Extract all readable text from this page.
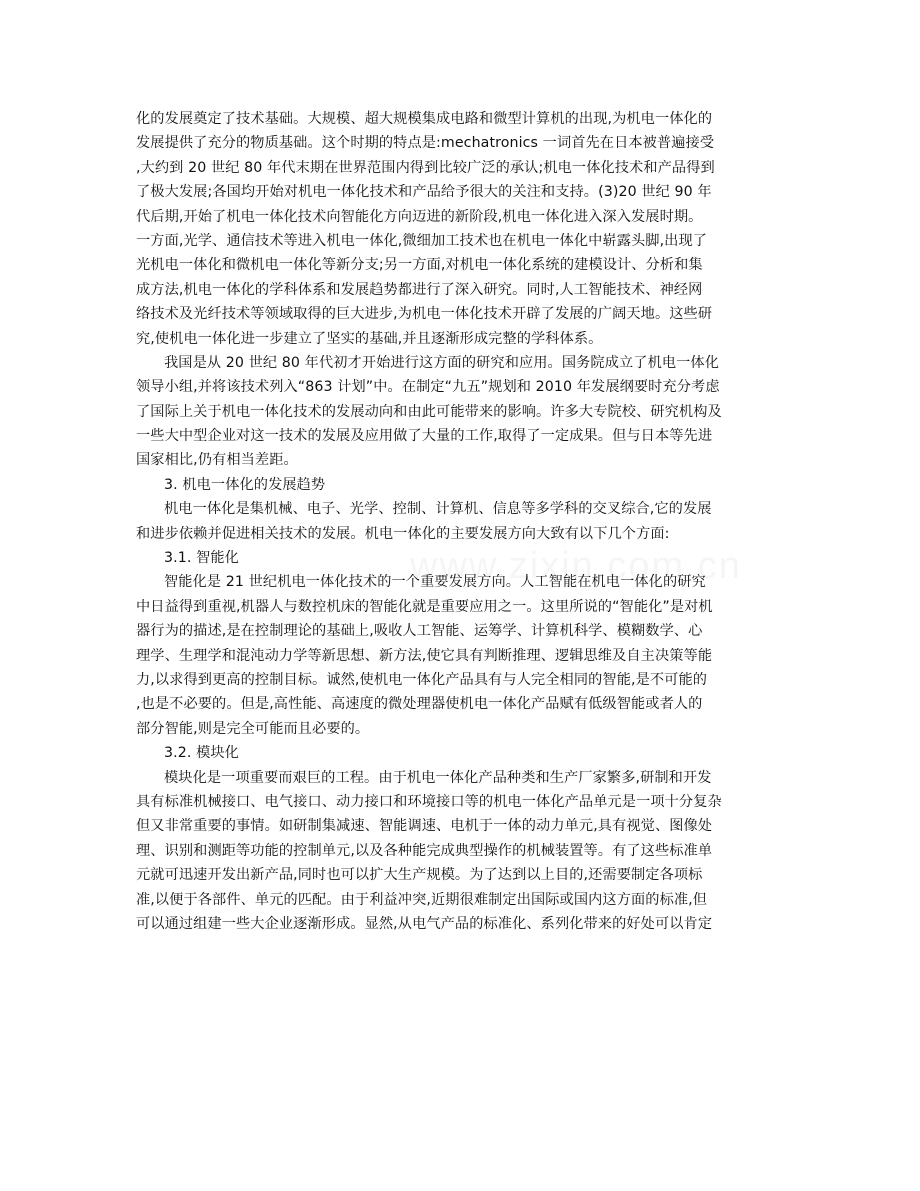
化的发展奠定了技术基础。大规模、超大规模集成电路和微型计算机的出现,为机电一体化的
发展提供了充分的物质基础。这个时期的特点是:mechatronics 一词首先在日本被普遍接受
,大约到 20 世纪 80 年代末期在世界范围内得到比较广泛的承认;机电一体化技术和产品得到
了极大发展;各国均开始对机电一体化技术和产品给予很大的关注和支持。(3)20 世纪 90 年
代后期,开始了机电一体化技术向智能化方向迈进的新阶段,机电一体化进入深入发展时期。
一方面,光学、通信技术等进入机电一体化,微细加工技术也在机电一体化中崭露头脚,出现了
光机电一体化和微机电一体化等新分支;另一方面,对机电一体化系统的建模设计、分析和集
成方法,机电一体化的学科体系和发展趋势都进行了深入研究。同时,人工智能技术、神经网
络技术及光纤技术等领域取得的巨大进步,为机电一体化技术开辟了发展的广阔天地。这些研
究,使机电一体化进一步建立了坚实的基础,并且逐渐形成完整的学科体系。
我国是从 20 世纪 80 年代初才开始进行这方面的研究和应用。国务院成立了机电一体化
领导小组,并将该技术列入“863 计划”中。在制定“九五”规划和 2010 年发展纲要时充分考虑
了国际上关于机电一体化技术的发展动向和由此可能带来的影响。许多大专院校、研究机构及
一些大中型企业对这一技术的发展及应用做了大量的工作,取得了一定成果。但与日本等先进
国家相比,仍有相当差距。
3. 机电一体化的发展趋势
机电一体化是集机械、电子、光学、控制、计算机、信息等多学科的交叉综合,它的发展
和进步依赖并促进相关技术的发展。机电一体化的主要发展方向大致有以下几个方面:
3.1. 智能化
智能化是 21 世纪机电一体化技术的一个重要发展方向。人工智能在机电一体化的研究
中日益得到重视,机器人与数控机床的智能化就是重要应用之一。这里所说的“智能化”是对机
器行为的描述,是在控制理论的基础上,吸收人工智能、运筹学、计算机科学、模糊数学、心
理学、生理学和混沌动力学等新思想、新方法,使它具有判断推理、逻辑思维及自主决策等能
力,以求得到更高的控制目标。诚然,使机电一体化产品具有与人完全相同的智能,是不可能的
,也是不必要的。但是,高性能、高速度的微处理器使机电一体化产品赋有低级智能或者人的
部分智能,则是完全可能而且必要的。
3.2. 模块化
模块化是一项重要而艰巨的工程。由于机电一体化产品种类和生产厂家繁多,研制和开发
具有标准机械接口、电气接口、动力接口和环境接口等的机电一体化产品单元是一项十分复杂
但又非常重要的事情。如研制集减速、智能调速、电机于一体的动力单元,具有视觉、图像处
理、识别和测距等功能的控制单元,以及各种能完成典型操作的机械装置等。有了这些标准单
元就可迅速开发出新产品,同时也可以扩大生产规模。为了达到以上目的,还需要制定各项标
准,以便于各部件、单元的匹配。由于利益冲突,近期很难制定出国际或国内这方面的标准,但
可以通过组建一些大企业逐渐形成。显然,从电气产品的标准化、系列化带来的好处可以肯定
